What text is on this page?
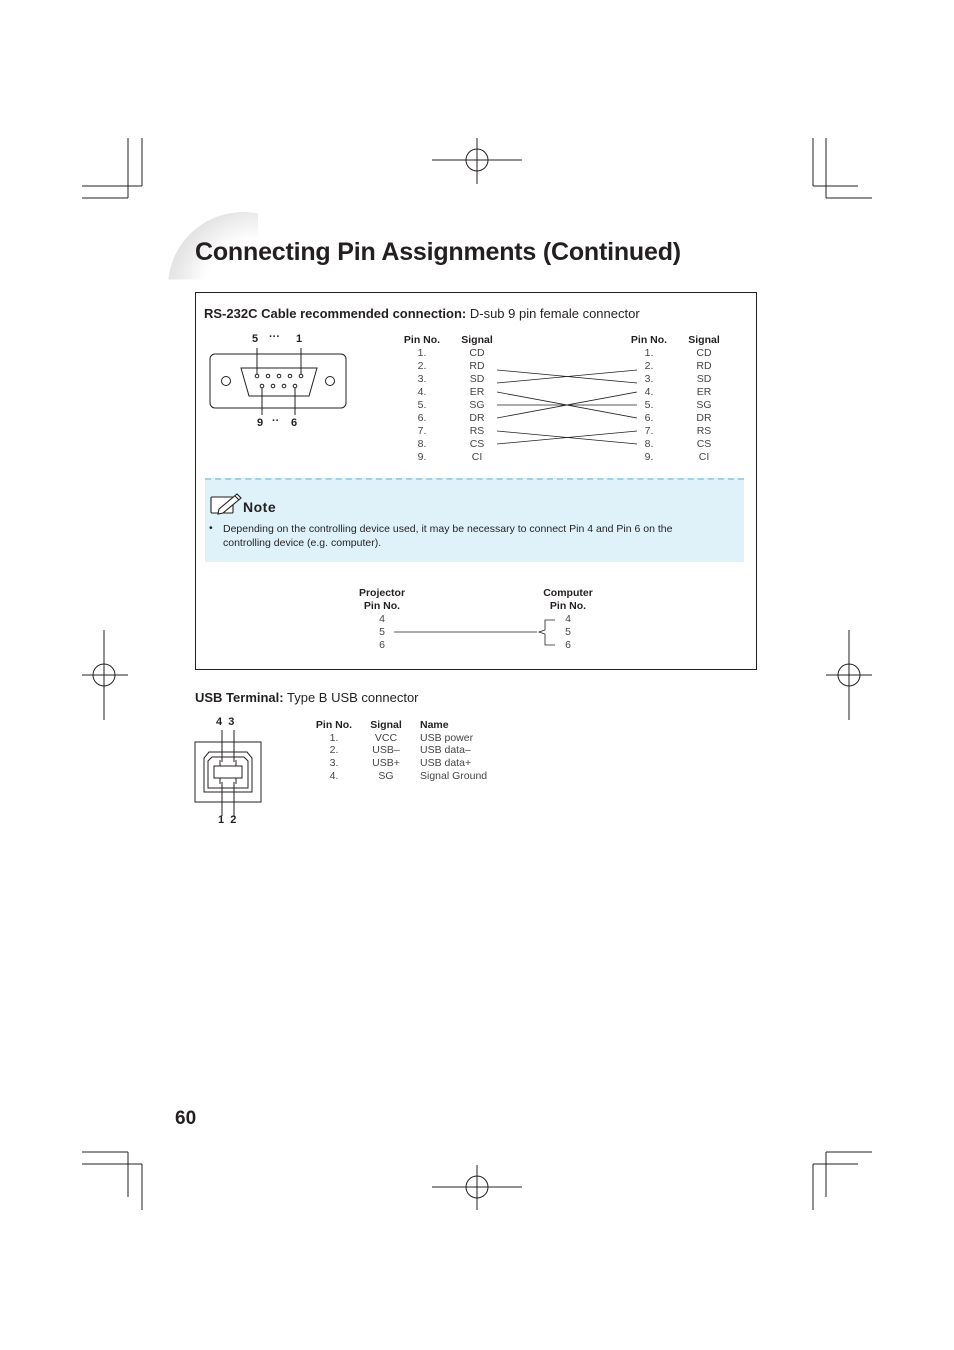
Connecting Pin Assignments (Continued)
RS-232C Cable recommended connection: D-sub 9 pin female connector
5 ··· 1
9 ·· 6
Pin No.
1.
2.
3.
4.
5.
6.
7.
8.
9.
Signal
CD
RD
SD
ER
SG
DR
RS
CS
CI
Pin No.
1.
2.
3.
4.
5.
6.
7.
8.
9.
Signal
CD
RD
SD
ER
SG
DR
RS
CS
CI
Note
• Depending on the controlling device used, it may be necessary to connect Pin 4 and Pin 6 on the controlling device (e.g. computer).
Projector
Pin No.
4
5
6
Computer
Pin No.
4
5
6
USB Terminal: Type B USB connector
4  3
1  2
Pin No.
1.
2.
3.
4.
Signal
VCC
USB–
USB+
SG
Name
USB power
USB data–
USB data+
Signal Ground
60
